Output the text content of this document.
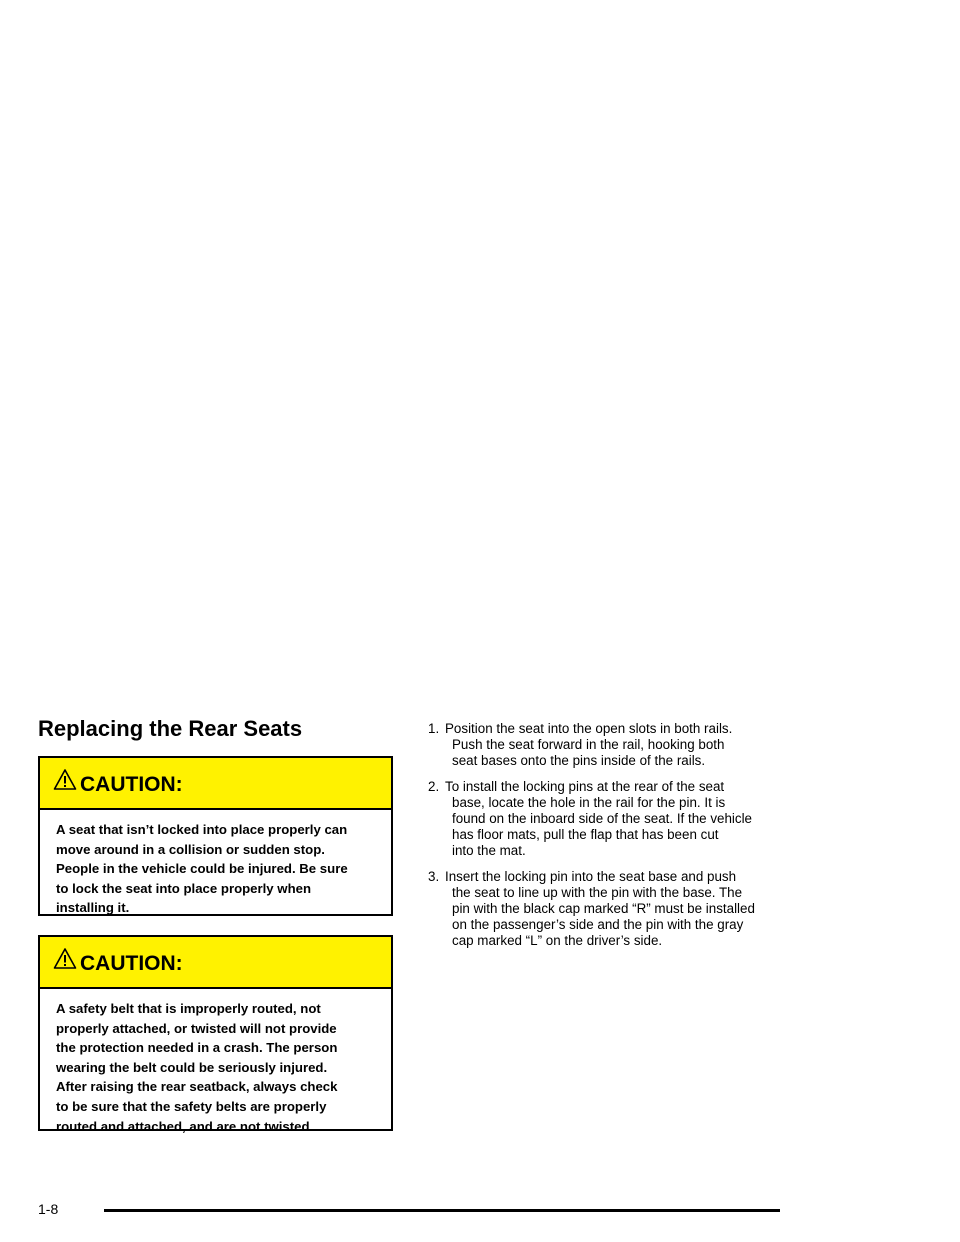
Replacing the Rear Seats
CAUTION:
A seat that isn’t locked into place properly can
move around in a collision or sudden stop.
People in the vehicle could be injured. Be sure
to lock the seat into place properly when
installing it.
CAUTION:
A safety belt that is improperly routed, not
properly attached, or twisted will not provide
the protection needed in a crash. The person
wearing the belt could be seriously injured.
After raising the rear seatback, always check
to be sure that the safety belts are properly
routed and attached, and are not twisted.
1. Position the seat into the open slots in both rails.
Push the seat forward in the rail, hooking both
seat bases onto the pins inside of the rails.
2. To install the locking pins at the rear of the seat
base, locate the hole in the rail for the pin. It is
found on the inboard side of the seat. If the vehicle
has floor mats, pull the flap that has been cut
into the mat.
3. Insert the locking pin into the seat base and push
the seat to line up with the pin with the base. The
pin with the black cap marked “R” must be installed
on the passenger’s side and the pin with the gray
cap marked “L” on the driver’s side.
1-8
